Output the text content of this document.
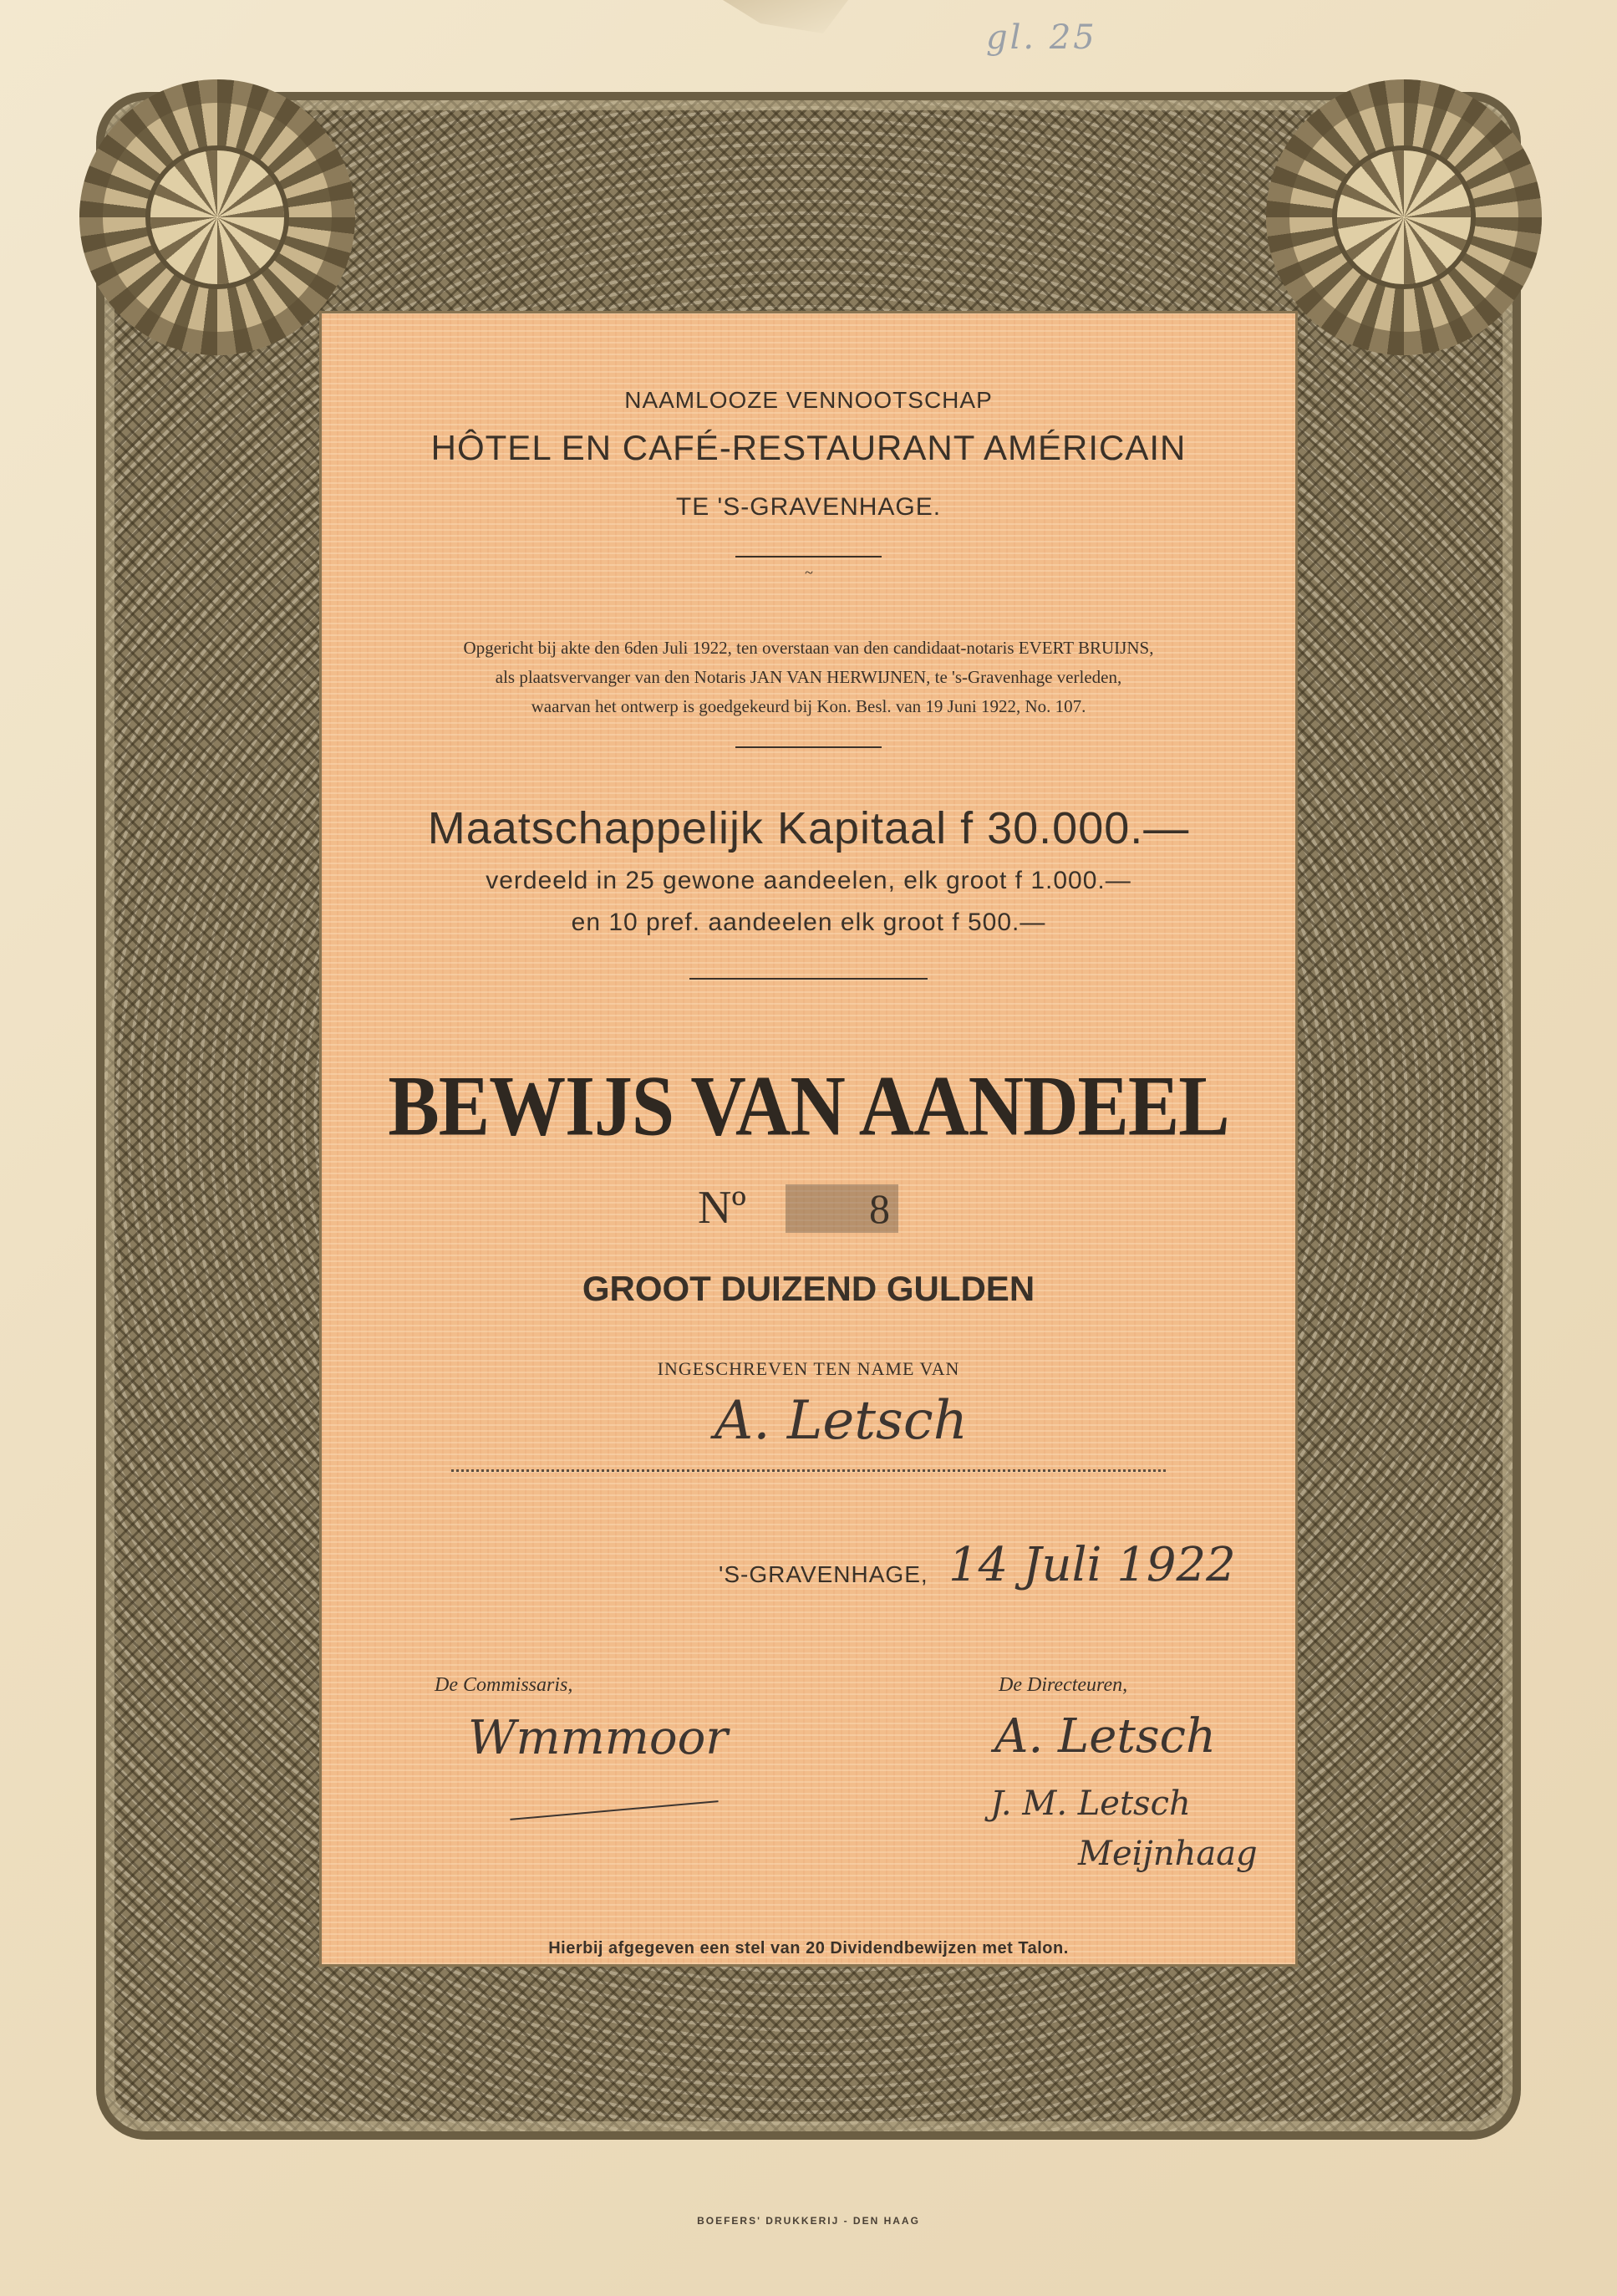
gl. 25
NAAMLOOZE VENNOOTSCHAP
HÔTEL EN CAFÉ-RESTAURANT AMÉRICAIN
TE 'S-GRAVENHAGE.
~
Opgericht bij akte den 6den Juli 1922, ten overstaan van den candidaat-notaris EVERT BRUIJNS,
als plaatsvervanger van den Notaris JAN VAN HERWIJNEN, te 's-Gravenhage verleden,
waarvan het ontwerp is goedgekeurd bij Kon. Besl. van 19 Juni 1922, No. 107.
Maatschappelijk Kapitaal f 30.000.—
verdeeld in 25 gewone aandeelen, elk groot f 1.000.—
en 10 pref. aandeelen elk groot f 500.—
BEWIJS VAN AANDEEL
Nº	8
GROOT DUIZEND GULDEN
INGESCHREVEN TEN NAME VAN
A. Letsch
'S-GRAVENHAGE, 14 Juli 1922
De Commissaris,	De Directeuren,
Wmmmoor	A. Letsch
J. M. Letsch
Meijnhaag
Hierbij afgegeven een stel van 20 Dividendbewijzen met Talon.
BOEFERS' DRUKKERIJ - DEN HAAG
